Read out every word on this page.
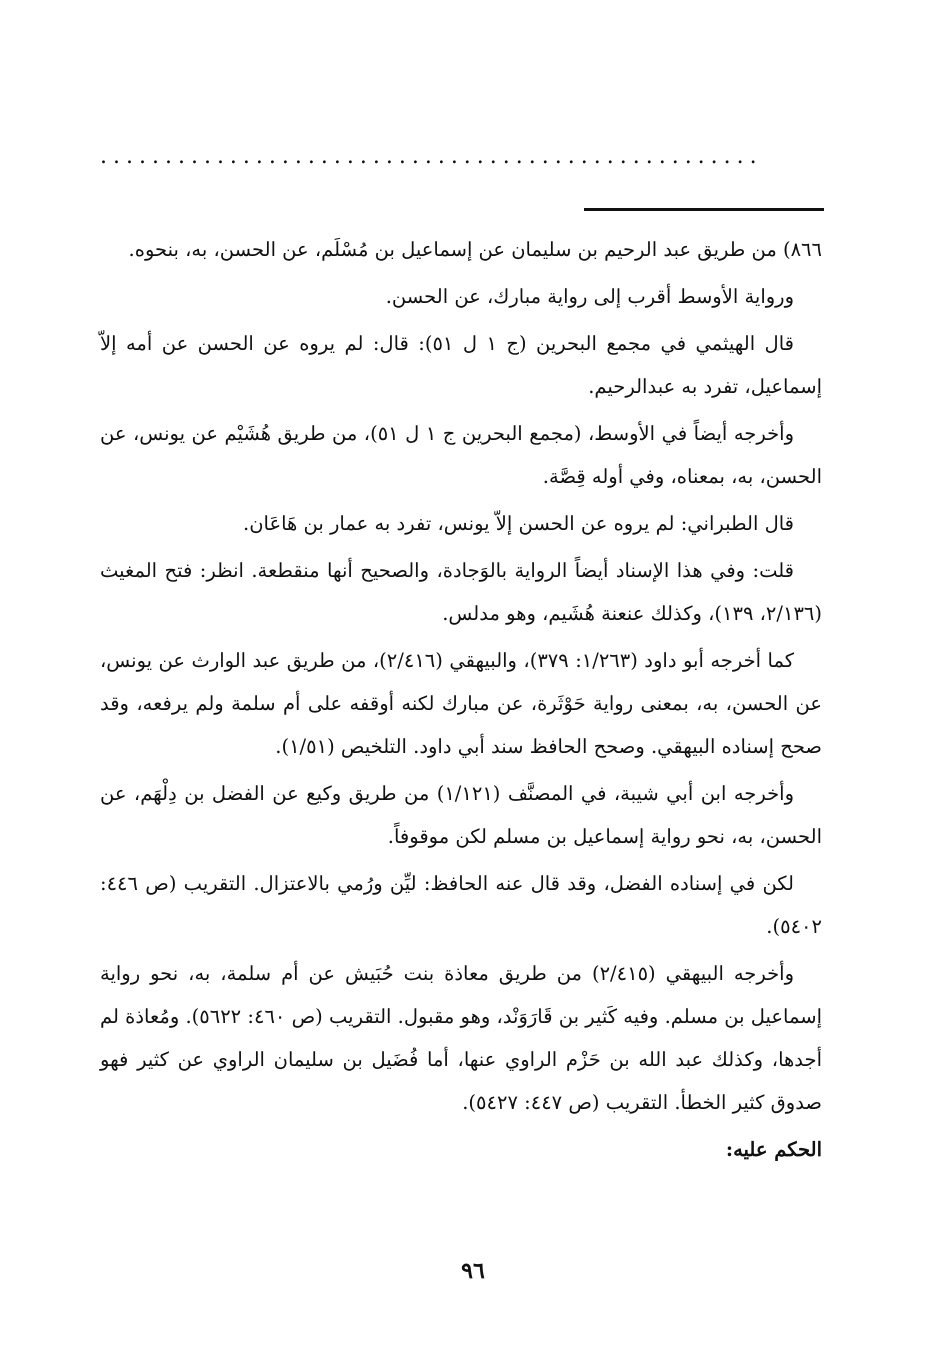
...................................................

٨٦٦) من طريق عبد الرحيم بن سليمان عن إسماعيل بن مُسْلَم، عن الحسن، به، بنحوه.

ورواية الأوسط أقرب إلى رواية مبارك، عن الحسن.

قال الهيثمي في مجمع البحرين (ج ١ ل ٥١): قال: لم يروه عن الحسن عن أمه إلاّ إسماعيل، تفرد به عبدالرحيم.

وأخرجه أيضاً في الأوسط، (مجمع البحرين ج ١ ل ٥١)، من طريق هُشَيْم عن يونس، عن الحسن، به، بمعناه، وفي أوله قِصَّة.

قال الطبراني: لم يروه عن الحسن إلاّ يونس، تفرد به عمار بن هَاعَان.

قلت: وفي هذا الإسناد أيضاً الرواية بالوَجادة، والصحيح أنها منقطعة. انظر: فتح المغيث (٢/١٣٦، ١٣٩)، وكذلك عنعنة هُشَيم، وهو مدلس.

كما أخرجه أبو داود (١/٢٦٣: ٣٧٩)، والبيهقي (٢/٤١٦)، من طريق عبد الوارث عن يونس، عن الحسن، به، بمعنى رواية حَوْثَرة، عن مبارك لكنه أوقفه على أم سلمة ولم يرفعه، وقد صحح إسناده البيهقي. وصحح الحافظ سند أبي داود. التلخيص (١/٥١).

وأخرجه ابن أبي شيبة، في المصنَّف (١/١٢١) من طريق وكيع عن الفضل بن دِلْهَم، عن الحسن، به، نحو رواية إسماعيل بن مسلم لكن موقوفاً.

لكن في إسناده الفضل، وقد قال عنه الحافظ: ليِّن ورُمي بالاعتزال. التقريب (ص ٤٤٦: ٥٤٠٢).

وأخرجه البيهقي (٢/٤١٥) من طريق معاذة بنت حُبَيش عن أم سلمة، به، نحو رواية إسماعيل بن مسلم. وفيه كَثير بن قَارَوَنْد، وهو مقبول. التقريب (ص ٤٦٠: ٥٦٢٢). ومُعاذة لم أجدها، وكذلك عبد الله بن حَزْم الراوي عنها، أما فُضَيل بن سليمان الراوي عن كثير فهو صدوق كثير الخطأ. التقريب (ص ٤٤٧: ٥٤٢٧).

الحكم عليه:

٩٦
